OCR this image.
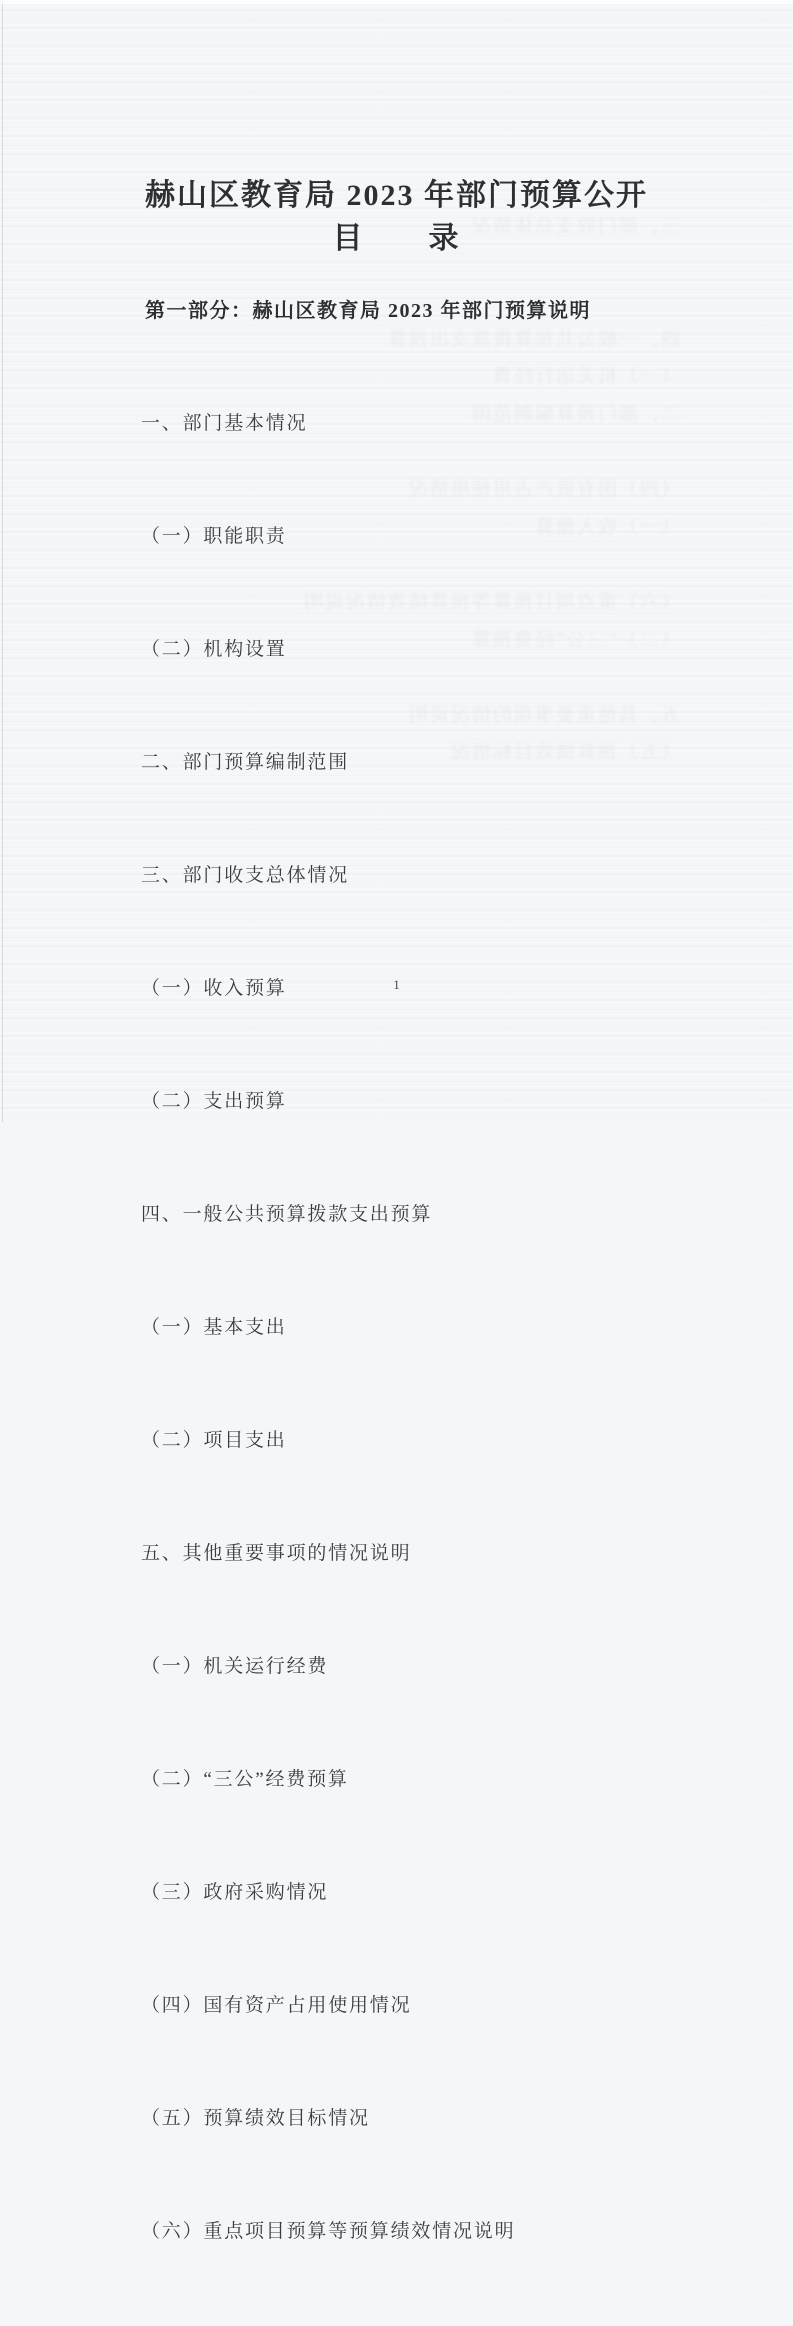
三、部门收支总体情况
四、一般公共预算拨款支出预算
（一）机关运行经费
二、部门预算编制范围
（四）国有资产占用使用情况
（一）收入预算
（六）重点项目预算等预算绩效情况说明
（二）“三公”经费预算
五、其他重要事项的情况说明
（五）预算绩效目标情况
赫山区教育局 2023 年部门预算公开
目　　录
第一部分：赫山区教育局 2023 年部门预算说明

一、部门基本情况

（一）职能职责

（二）机构设置

二、部门预算编制范围

三、部门收支总体情况

（一）收入预算

（二）支出预算

四、一般公共预算拨款支出预算

（一）基本支出

（二）项目支出

五、其他重要事项的情况说明

（一）机关运行经费

（二）“三公”经费预算

（三）政府采购情况

（四）国有资产占用使用情况

（五）预算绩效目标情况

（六）重点项目预算等预算绩效情况说明

1
